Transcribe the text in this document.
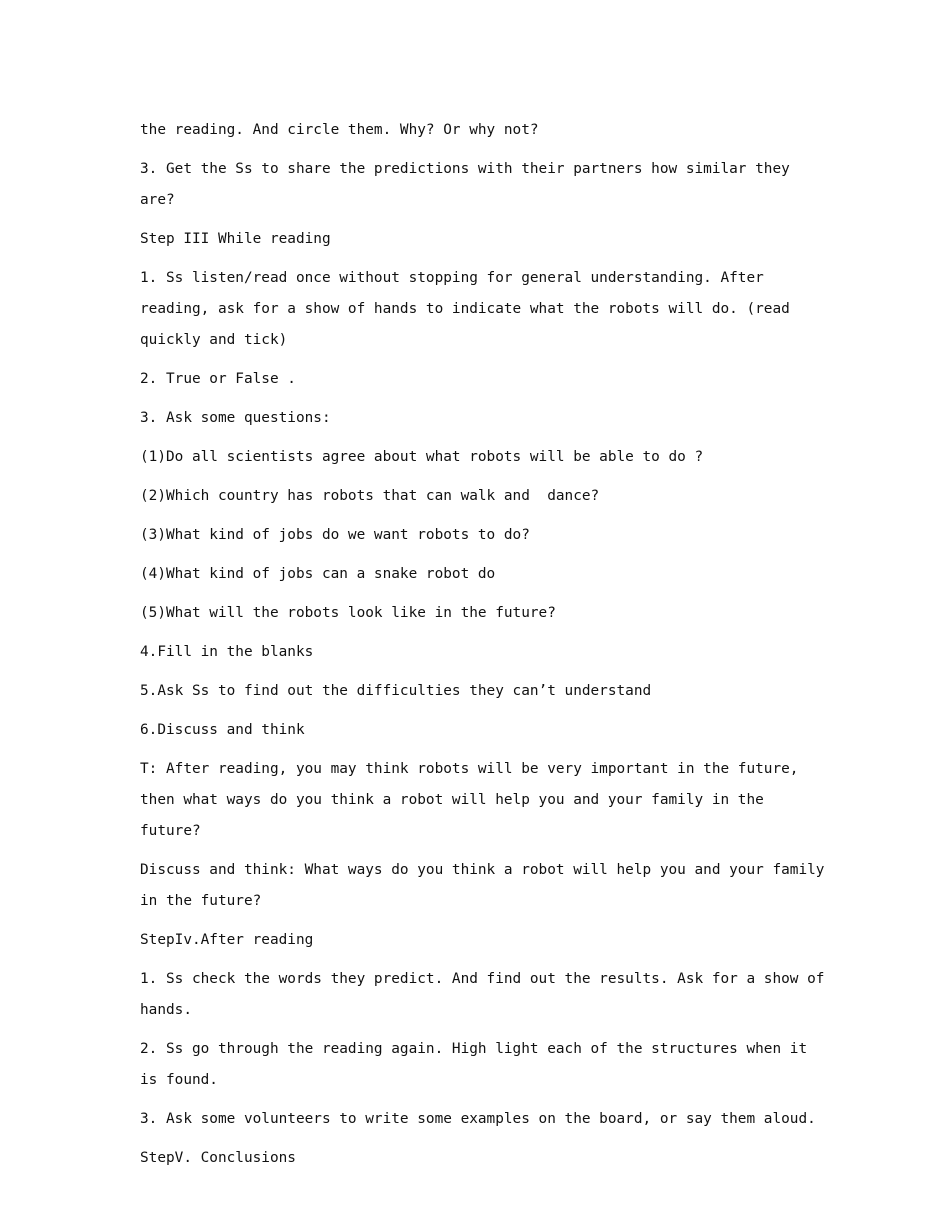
the reading. And circle them. Why? Or why not?

3. Get the Ss to share the predictions with their partners how similar they are?

Step III While reading

1. Ss listen/read once without stopping for general understanding. After reading, ask for a show of hands to indicate what the robots will do. (read quickly and tick)

2. True or False .

3. Ask some questions:

(1)Do all scientists agree about what robots will be able to do ?

(2)Which country has robots that can walk and  dance?

(3)What kind of jobs do we want robots to do?

(4)What kind of jobs can a snake robot do

(5)What will the robots look like in the future?

4.Fill in the blanks

5.Ask Ss to find out the difficulties they can’t understand

6.Discuss and think

T: After reading, you may think robots will be very important in the future, then what ways do you think a robot will help you and your family in the future?

Discuss and think: What ways do you think a robot will help you and your family in the future?

StepIv.After reading

1. Ss check the words they predict. And find out the results. Ask for a show of hands.

2. Ss go through the reading again. High light each of the structures when it is found.

3. Ask some volunteers to write some examples on the board, or say them aloud.

StepV. Conclusions
